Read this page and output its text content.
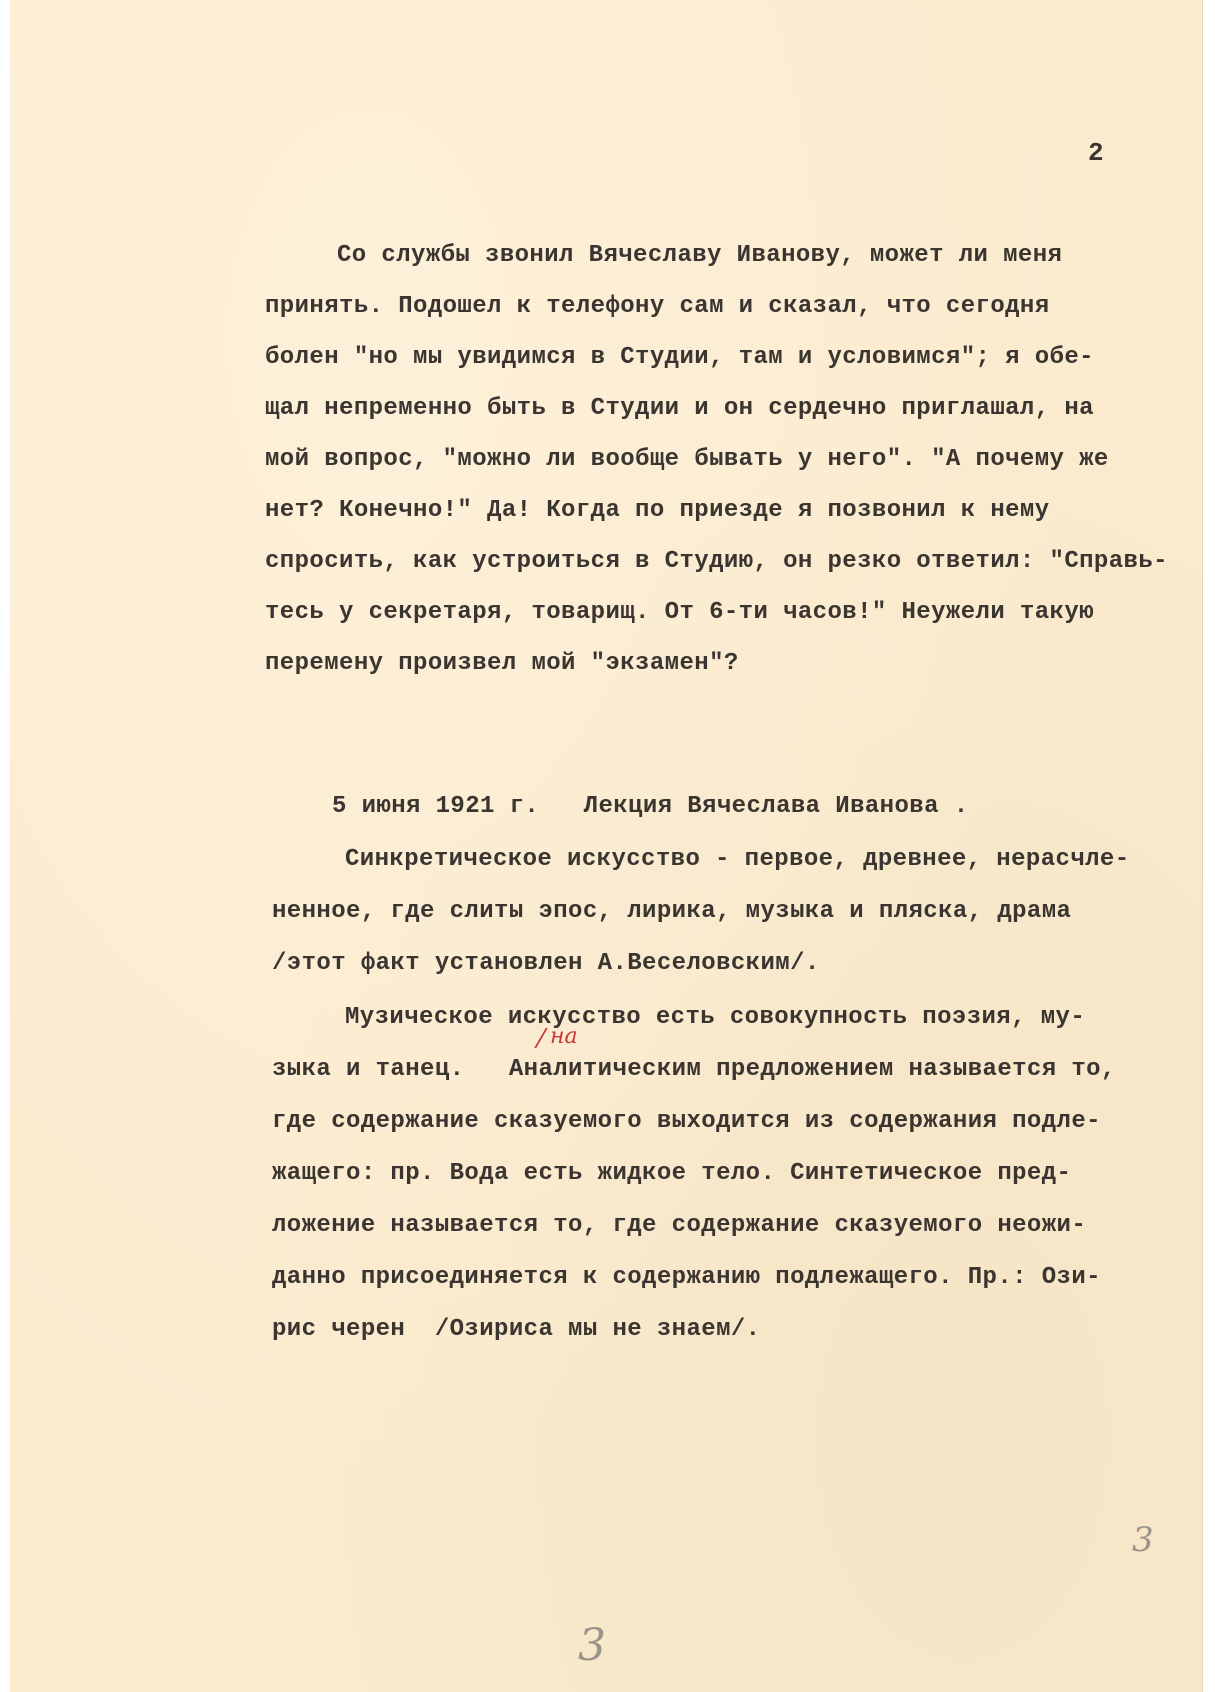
2
Со службы звонил Вячеславу Иванову, может ли меня
принять. Подошел к телефону сам и сказал, что сегодня
болен "но мы увидимся в Студии, там и условимся"; я обе-
щал непременно быть в Студии и он сердечно приглашал, на
мой вопрос, "можно ли вообще бывать у него". "А почему же
нет? Конечно!" Да! Когда по приезде я позвонил к нему
спросить, как устроиться в Студию, он резко ответил: "Справь-
тесь у секретаря, товарищ. От 6-ти часов!" Неужели такую
перемену произвел мой "экзамен"?
5 июня 1921 г.   Лекция Вячеслава Иванова .
Синкретическое искусство - первое, древнее, нерасчле-
ненное, где слиты эпос, лирика, музыка и пляска, драма
/этот факт установлен А.Веселовским/.
Музическое искусство есть совокупность поэзия, му-
зыка и танец.   Аналитическим предложением называется то,
где содержание сказуемого выходится из содержания подле-
жащего: пр. Вода есть жидкое тело. Синтетическое пред-
ложение называется то, где содержание сказуемого неожи-
данно присоединяется к содержанию подлежащего. Пр.: Ози-
рис черен  /Озириса мы не знаем/.
на
3
3
